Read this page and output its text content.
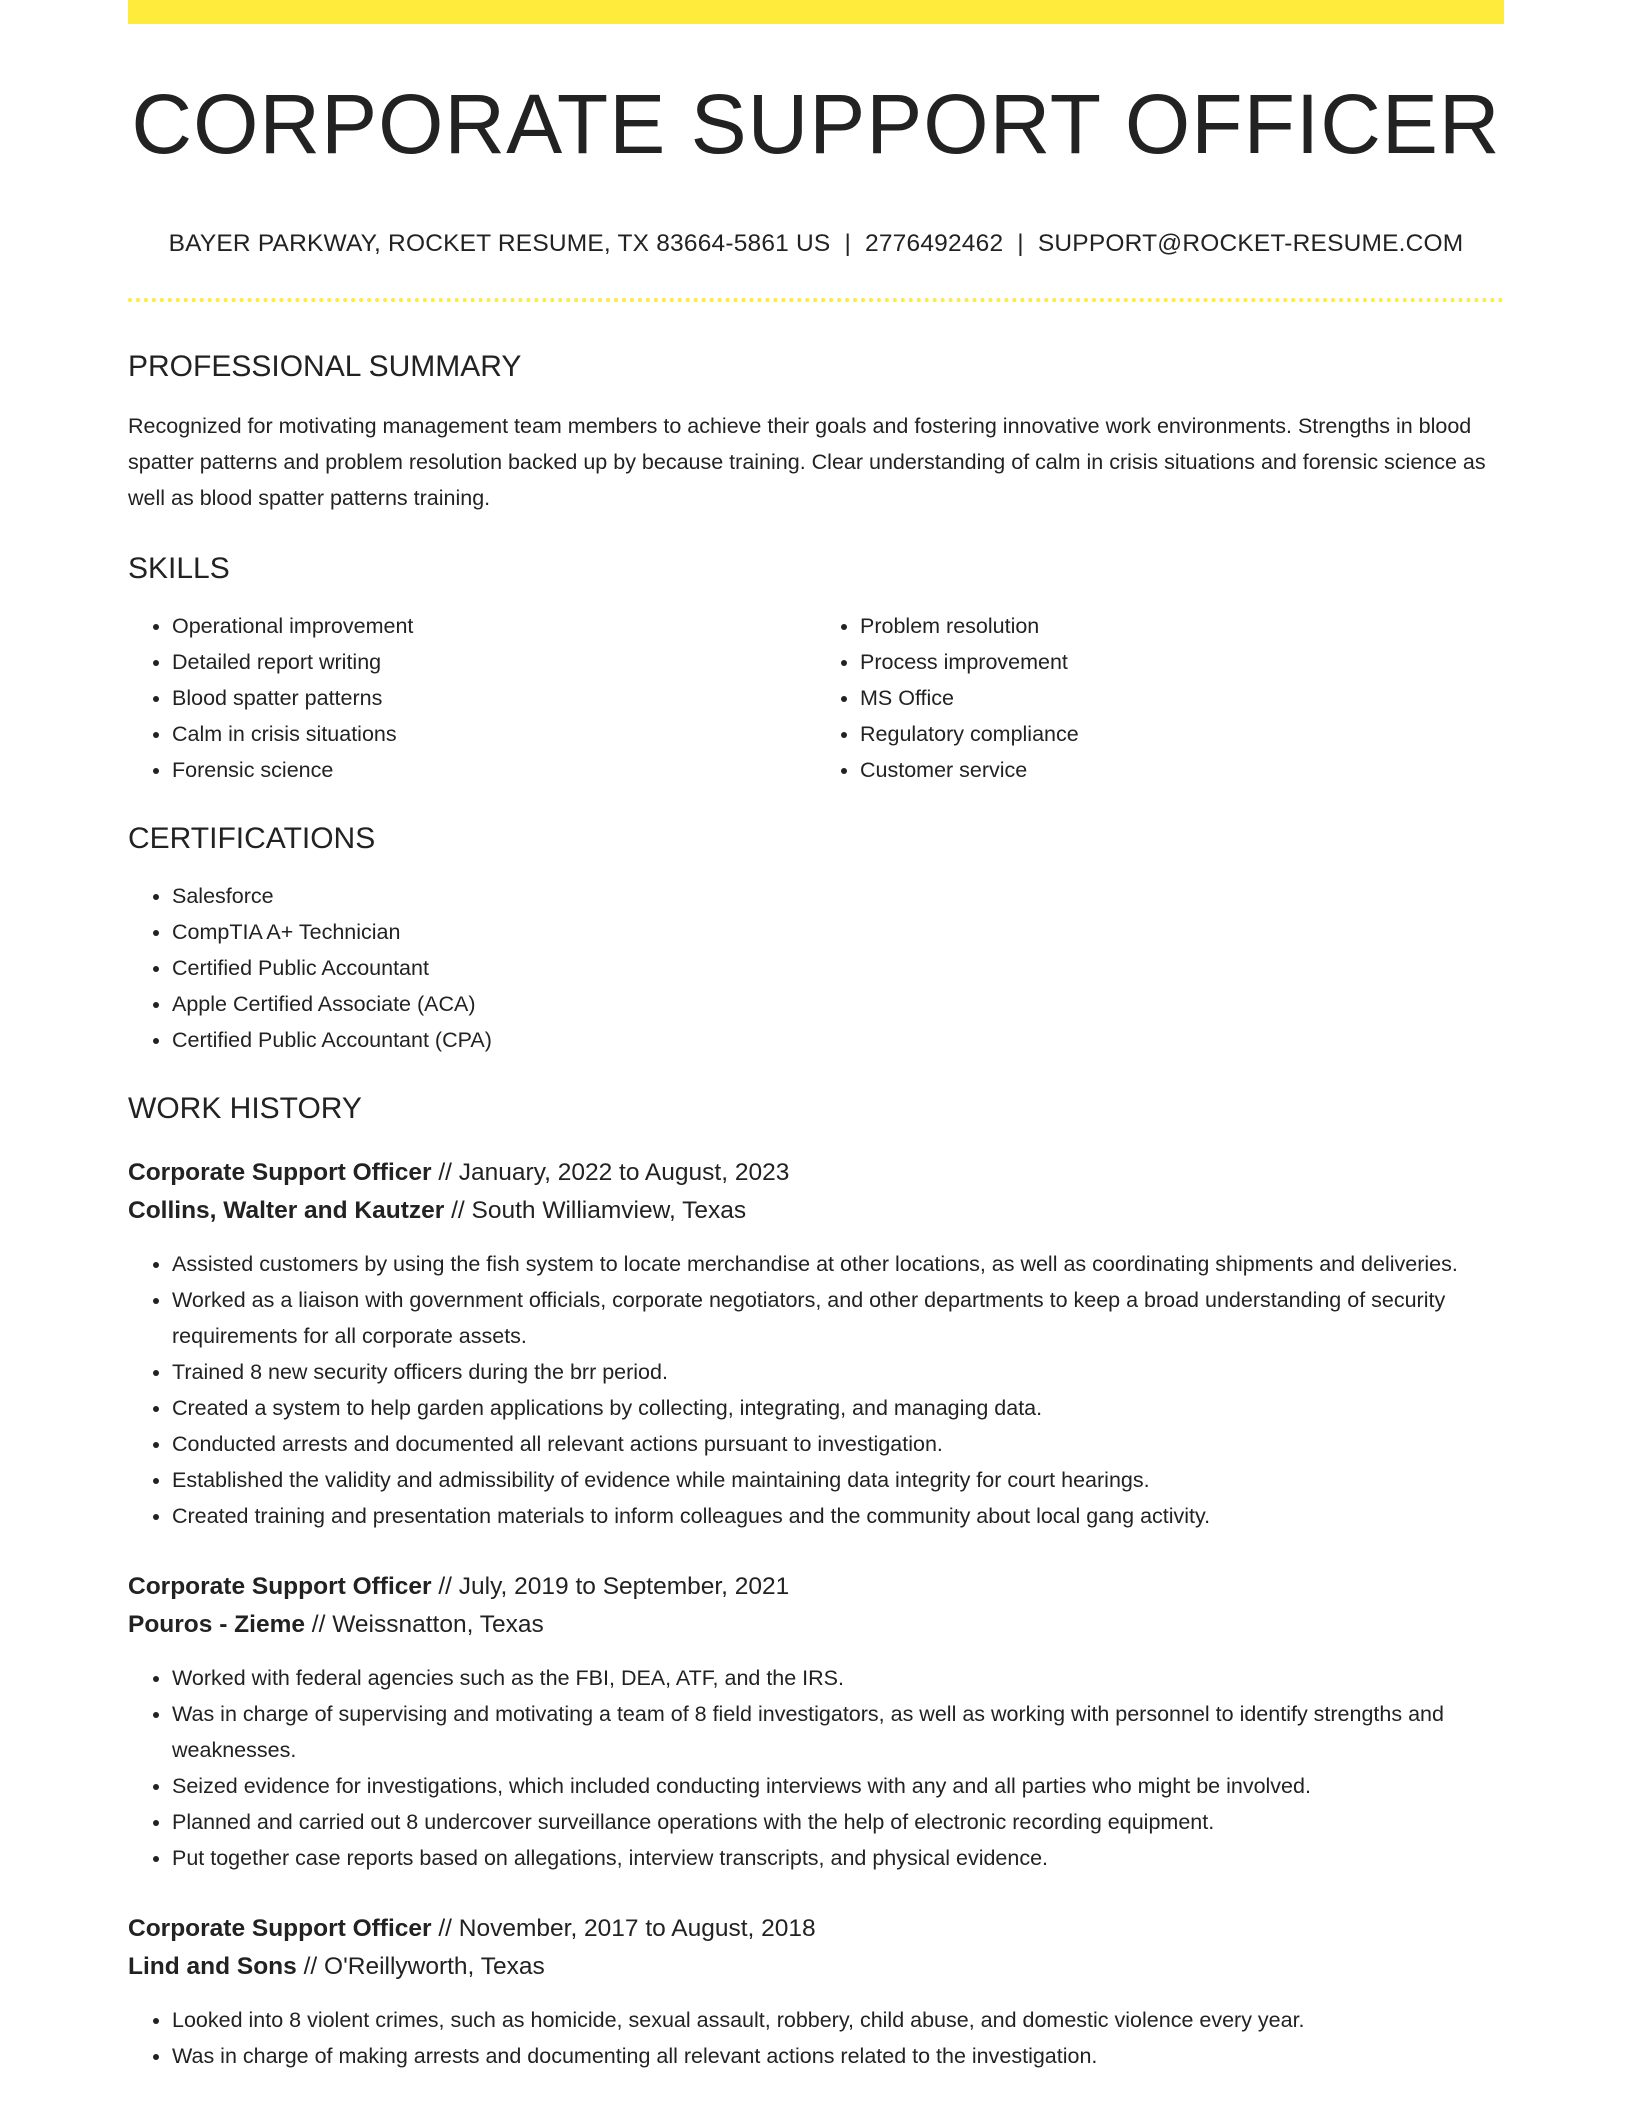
CORPORATE SUPPORT OFFICER
BAYER PARKWAY, ROCKET RESUME, TX 83664-5861 US | 2776492462 | SUPPORT@ROCKET-RESUME.COM
PROFESSIONAL SUMMARY
Recognized for motivating management team members to achieve their goals and fostering innovative work environments. Strengths in blood spatter patterns and problem resolution backed up by because training. Clear understanding of calm in crisis situations and forensic science as well as blood spatter patterns training.
SKILLS
• Operational improvement
• Detailed report writing
• Blood spatter patterns
• Calm in crisis situations
• Forensic science
• Problem resolution
• Process improvement
• MS Office
• Regulatory compliance
• Customer service
CERTIFICATIONS
• Salesforce
• CompTIA A+ Technician
• Certified Public Accountant
• Apple Certified Associate (ACA)
• Certified Public Accountant (CPA)
WORK HISTORY
Corporate Support Officer // January, 2022 to August, 2023
Collins, Walter and Kautzer // South Williamview, Texas
• Assisted customers by using the fish system to locate merchandise at other locations, as well as coordinating shipments and deliveries.
• Worked as a liaison with government officials, corporate negotiators, and other departments to keep a broad understanding of security requirements for all corporate assets.
• Trained 8 new security officers during the brr period.
• Created a system to help garden applications by collecting, integrating, and managing data.
• Conducted arrests and documented all relevant actions pursuant to investigation.
• Established the validity and admissibility of evidence while maintaining data integrity for court hearings.
• Created training and presentation materials to inform colleagues and the community about local gang activity.
Corporate Support Officer // July, 2019 to September, 2021
Pouros - Zieme // Weissnatton, Texas
• Worked with federal agencies such as the FBI, DEA, ATF, and the IRS.
• Was in charge of supervising and motivating a team of 8 field investigators, as well as working with personnel to identify strengths and weaknesses.
• Seized evidence for investigations, which included conducting interviews with any and all parties who might be involved.
• Planned and carried out 8 undercover surveillance operations with the help of electronic recording equipment.
• Put together case reports based on allegations, interview transcripts, and physical evidence.
Corporate Support Officer // November, 2017 to August, 2018
Lind and Sons // O'Reillyworth, Texas
• Looked into 8 violent crimes, such as homicide, sexual assault, robbery, child abuse, and domestic violence every year.
• Was in charge of making arrests and documenting all relevant actions related to the investigation.
